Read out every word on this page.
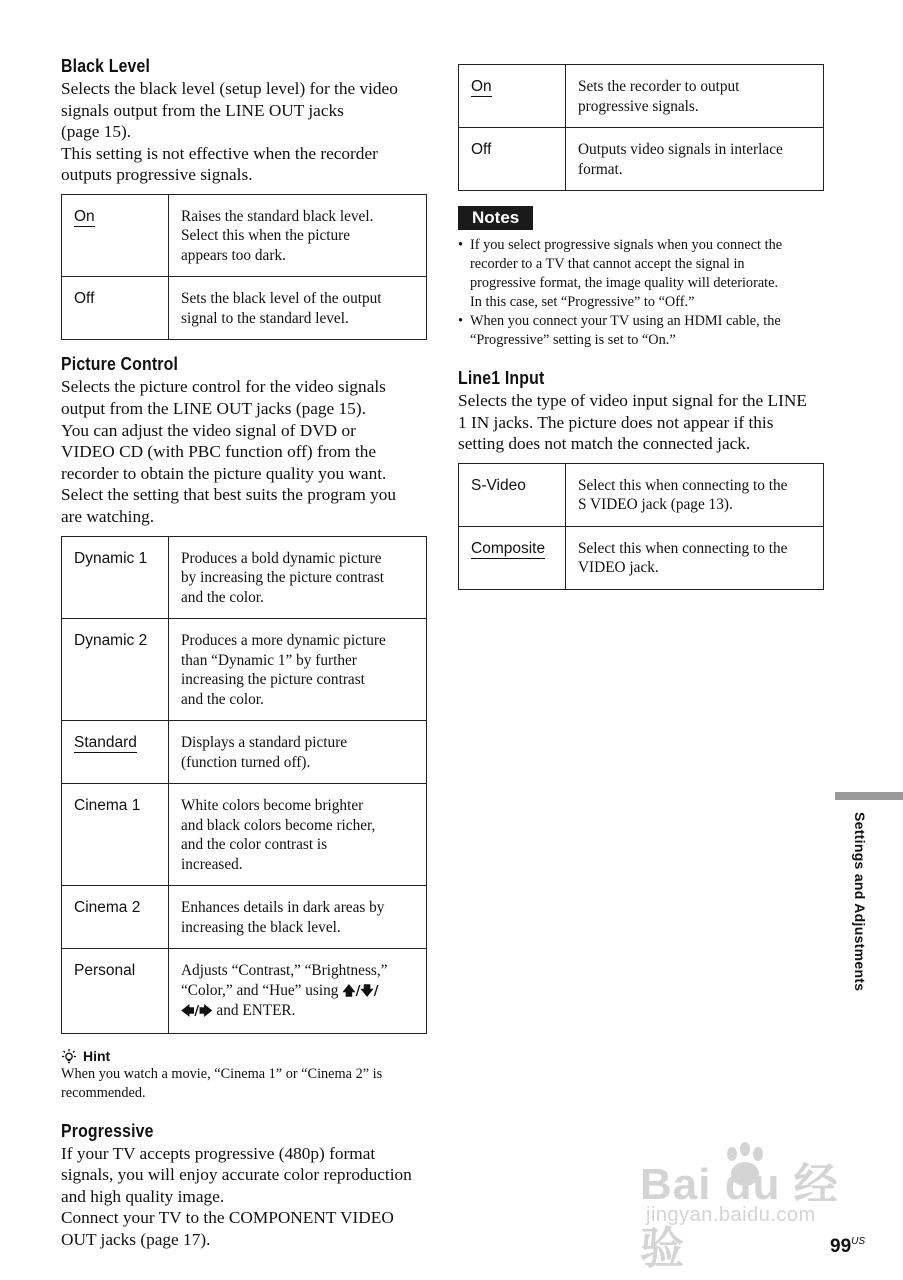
Black Level

Selects the black level (setup level) for the video
signals output from the LINE OUT jacks
(page 15).
This setting is not effective when the recorder
outputs progressive signals.

On	Raises the standard black level.
Select this when the picture
appears too dark.
Off	Sets the black level of the output
signal to the standard level.
Picture Control

Selects the picture control for the video signals
output from the LINE OUT jacks (page 15).
You can adjust the video signal of DVD or
VIDEO CD (with PBC function off) from the
recorder to obtain the picture quality you want.
Select the setting that best suits the program you
are watching.

Dynamic 1	Produces a bold dynamic picture
by increasing the picture contrast
and the color.
Dynamic 2	Produces a more dynamic picture
than “Dynamic 1” by further
increasing the picture contrast
and the color.
Standard	Displays a standard picture
(function turned off).
Cinema 1	White colors become brighter
and black colors become richer,
and the color contrast is
increased.
Cinema 2	Enhances details in dark areas by
increasing the black level.
Personal	Adjusts “Contrast,” “Brightness,”
“Color,” and “Hue” using 🡅/🡇/
🡄/🡆 and ENTER.
Hint
When you watch a movie, “Cinema 1” or “Cinema 2” is
recommended.
Progressive

If your TV accepts progressive (480p) format
signals, you will enjoy accurate color reproduction
and high quality image.
Connect your TV to the COMPONENT VIDEO
OUT jacks (page 17).

On	Sets the recorder to output
progressive signals.
Off	Outputs video signals in interlace
format.
Notes
• If you select progressive signals when you connect the
recorder to a TV that cannot accept the signal in
progressive format, the image quality will deteriorate.
In this case, set “Progressive” to “Off.”
• When you connect your TV using an HDMI cable, the
“Progressive” setting is set to “On.”
Line1 Input

Selects the type of video input signal for the LINE
1 IN jacks. The picture does not appear if this
setting does not match the connected jack.

S-Video	Select this when connecting to the
S VIDEO jack (page 13).
Composite	Select this when connecting to the
VIDEO jack.
Settings and Adjustments
Bai du 经验
jingyan.baidu.com
$99^{US}$
